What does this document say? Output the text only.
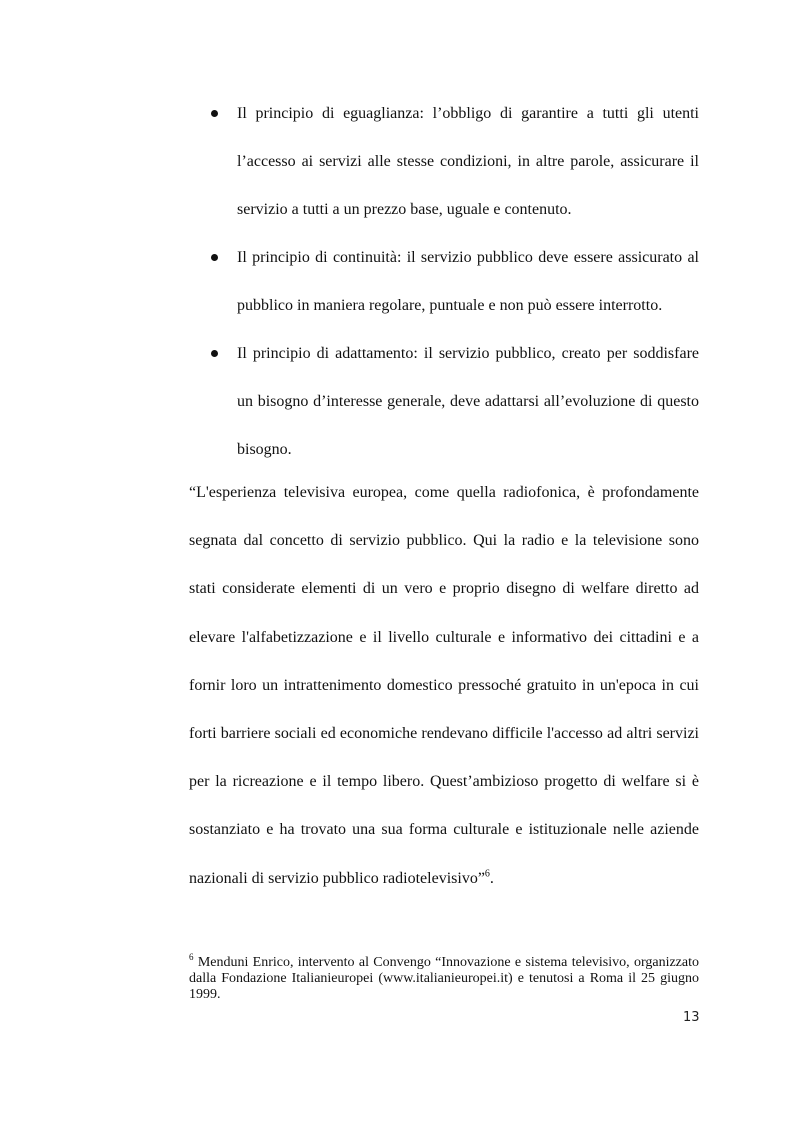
Il principio di eguaglianza: l’obbligo di garantire a tutti gli utenti l’accesso ai servizi alle stesse condizioni, in altre parole, assicurare il servizio a tutti a un prezzo base, uguale e contenuto.
Il principio di continuità: il servizio pubblico deve essere assicurato al pubblico in maniera regolare, puntuale e non può essere interrotto.
Il principio di adattamento: il servizio pubblico, creato per soddisfare un bisogno d’interesse generale, deve adattarsi all’evoluzione di questo bisogno.

“L'esperienza televisiva europea, come quella radiofonica, è profondamente segnata dal concetto di servizio pubblico. Qui la radio e la televisione sono stati considerate elementi di un vero e proprio disegno di welfare diretto ad elevare l'alfabetizzazione e il livello culturale e informativo dei cittadini e a fornir loro un intrattenimento domestico pressoché gratuito in un'epoca in cui forti barriere sociali ed economiche rendevano difficile l'accesso ad altri servizi per la ricreazione e il tempo libero. Quest’ambizioso progetto di welfare si è sostanziato e ha trovato una sua forma culturale e istituzionale nelle aziende nazionali di servizio pubblico radiotelevisivo”$^6$.

$^6$ Menduni Enrico, intervento al Convengo “Innovazione e sistema televisivo, organizzato dalla Fondazione Italianieuropei (www.italianieuropei.it) e tenutosi a Roma il 25 giugno 1999.

13
